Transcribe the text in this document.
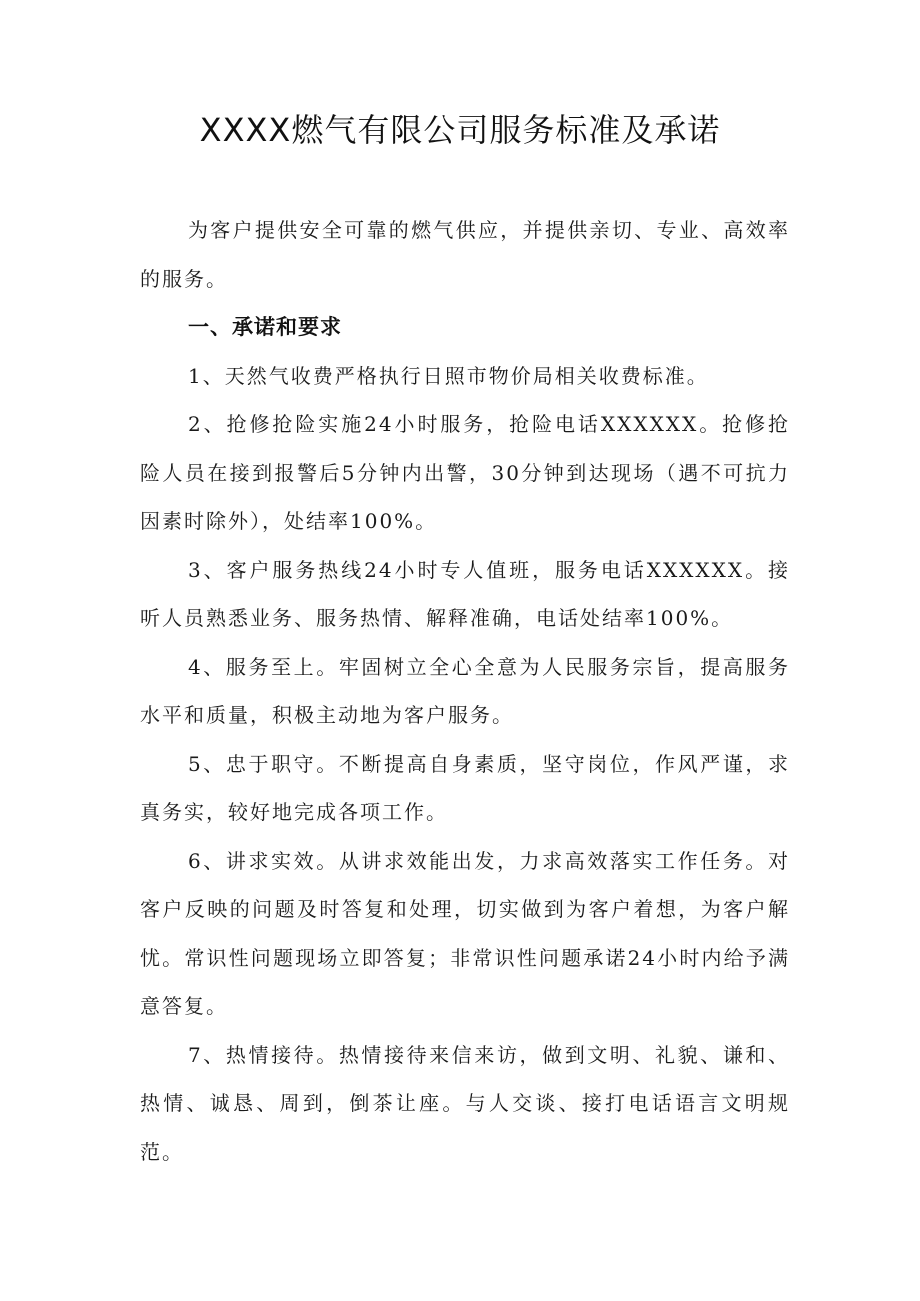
XXXX燃气有限公司服务标准及承诺

为客户提供安全可靠的燃气供应，并提供亲切、专业、高效率的服务。

一、承诺和要求

1、天然气收费严格执行日照市物价局相关收费标准。

2、抢修抢险实施24小时服务，抢险电话XXXXXX。抢修抢险人员在接到报警后5分钟内出警，30分钟到达现场（遇不可抗力因素时除外），处结率100%。

3、客户服务热线24小时专人值班，服务电话XXXXXX。接听人员熟悉业务、服务热情、解释准确，电话处结率100%。

4、服务至上。牢固树立全心全意为人民服务宗旨，提高服务水平和质量，积极主动地为客户服务。

5、忠于职守。不断提高自身素质，坚守岗位，作风严谨，求真务实，较好地完成各项工作。

6、讲求实效。从讲求效能出发，力求高效落实工作任务。对客户反映的问题及时答复和处理，切实做到为客户着想，为客户解忧。常识性问题现场立即答复；非常识性问题承诺24小时内给予满意答复。

7、热情接待。热情接待来信来访，做到文明、礼貌、谦和、热情、诚恳、周到，倒茶让座。与人交谈、接打电话语言文明规范。
